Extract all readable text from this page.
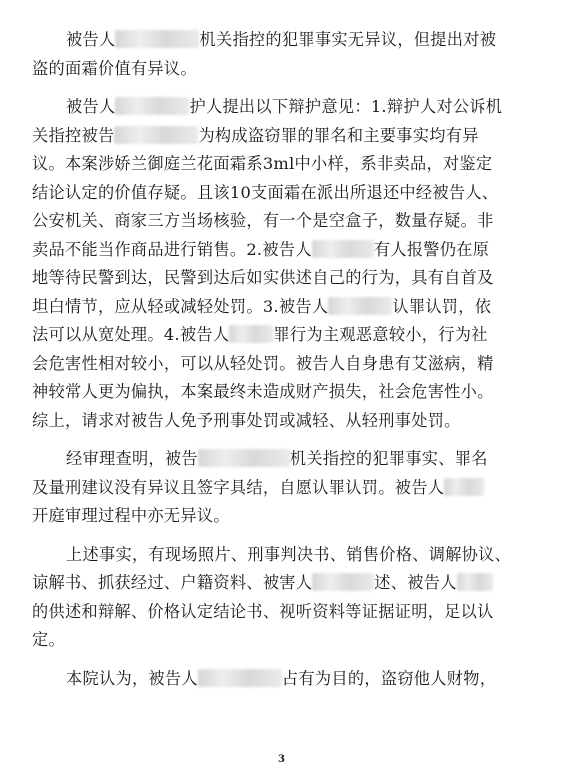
被告人	机关指控的犯罪事实无异议，但提出对被
盗的面霜价值有异议。
被告人	护人提出以下辩护意见：1.辩护人对公诉机
关指控被告	为构成盗窃罪的罪名和主要事实均有异
议。本案涉娇兰御庭兰花面霜系3ml中小样，系非卖品，对鉴定
结论认定的价值存疑。且该10支面霜在派出所退还中经被告人、
公安机关、商家三方当场核验，有一个是空盒子，数量存疑。非
卖品不能当作商品进行销售。2.被告人	有人报警仍在原
地等待民警到达，民警到达后如实供述自己的行为，具有自首及
坦白情节，应从轻或减轻处罚。3.被告人	认罪认罚，依
法可以从宽处理。4.被告人	罪行为主观恶意较小，行为社
会危害性相对较小，可以从轻处罚。被告人自身患有艾滋病，精
神较常人更为偏执，本案最终未造成财产损失，社会危害性小。
综上，请求对被告人免予刑事处罚或减轻、从轻刑事处罚。
经审理查明，被告	机关指控的犯罪事实、罪名
及量刑建议没有异议且签字具结，自愿认罪认罚。被告人
开庭审理过程中亦无异议。
上述事实，有现场照片、刑事判决书、销售价格、调解协议、
谅解书、抓获经过、户籍资料、被害人	述、被告人
的供述和辩解、价格认定结论书、视听资料等证据证明，足以认
定。
本院认为，被告人	占有为目的，盗窃他人财物，
3
